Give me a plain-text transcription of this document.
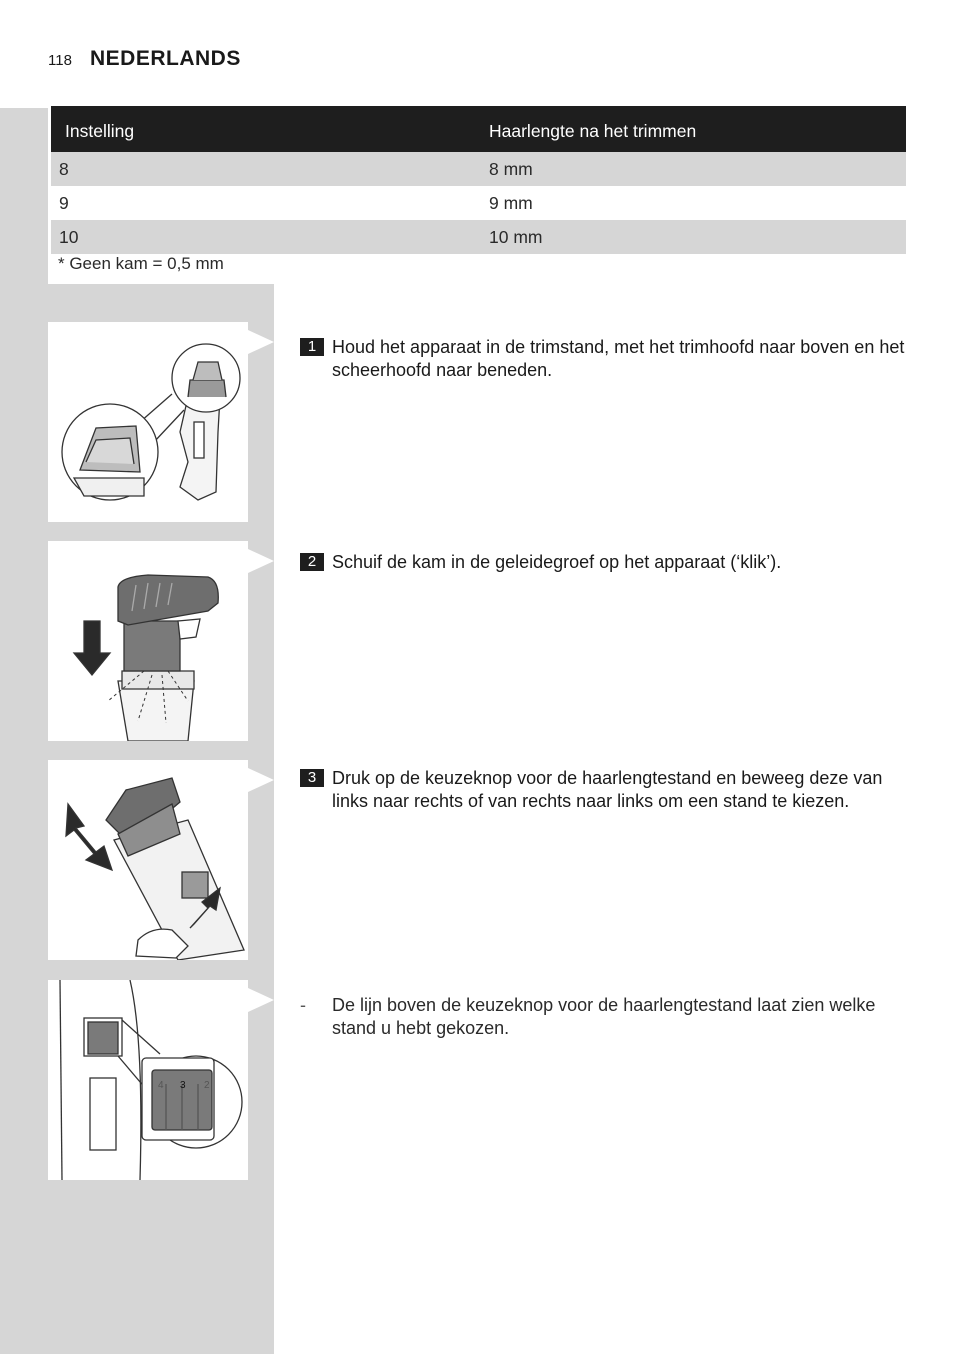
118 NEDERLANDS
Instelling	Haarlengte na het trimmen
8	8 mm
9	9 mm
10	10 mm
* Geen kam = 0,5 mm
4 3 2
1 Houd het apparaat in de trimstand, met het trimhoofd naar boven en het scheerhoofd naar beneden.
2 Schuif de kam in de geleidegroef op het apparaat (‘klik’).
3 Druk op de keuzeknop voor de haarlengtestand en beweeg deze van links naar rechts of van rechts naar links om een stand te kiezen.
- De lijn boven de keuzeknop voor de haarlengtestand laat zien welke stand u hebt gekozen.
